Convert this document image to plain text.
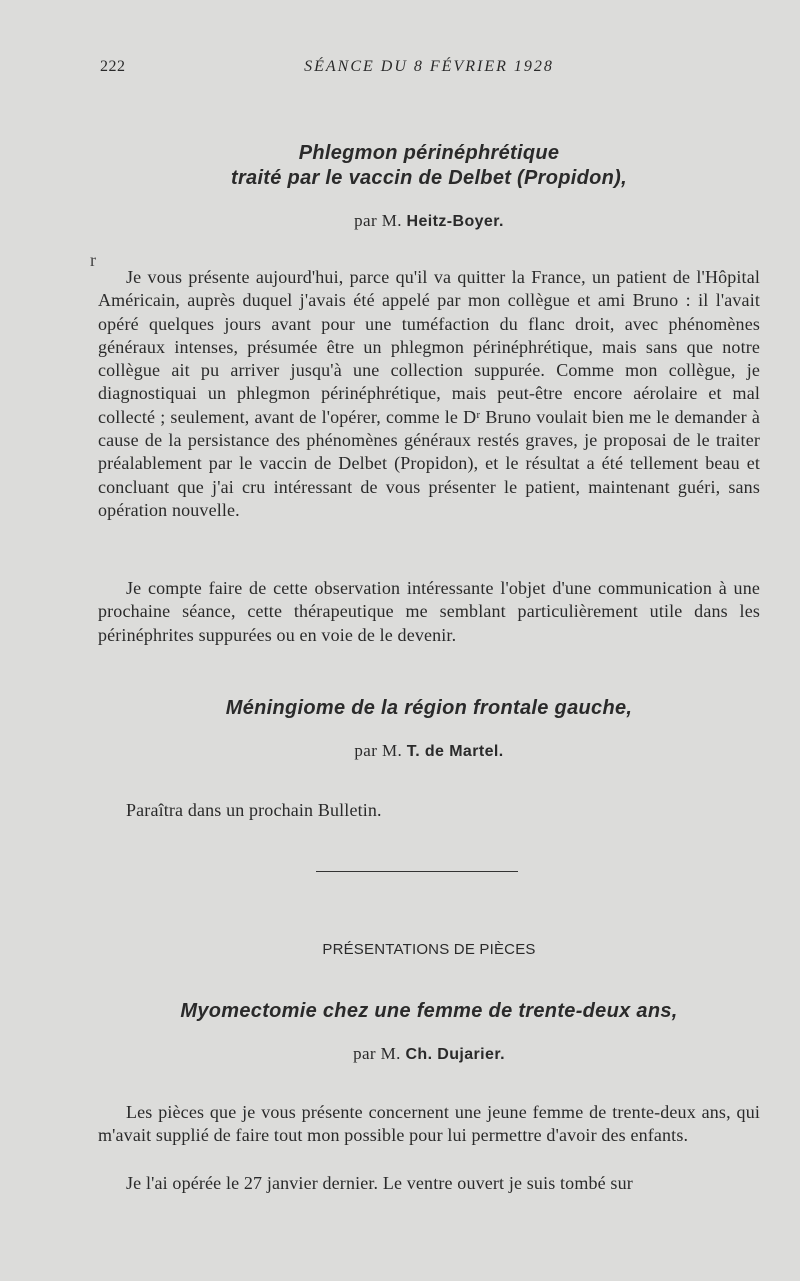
222	SÉANCE DU 8 FÉVRIER 1928
Phlegmon périnéphrétique
traité par le vaccin de Delbet (Propidon),
par M. Heitz-Boyer.
r

Je vous présente aujourd'hui, parce qu'il va quitter la France, un patient de l'Hôpital Américain, auprès duquel j'avais été appelé par mon collègue et ami Bruno : il l'avait opéré quelques jours avant pour une tuméfaction du flanc droit, avec phénomènes généraux intenses, présumée être un phlegmon périnéphrétique, mais sans que notre collègue ait pu arriver jusqu'à une collection suppurée. Comme mon collègue, je diagnostiquai un phlegmon périnéphrétique, mais peut-être encore aérolaire et mal collecté ; seulement, avant de l'opérer, comme le Dʳ Bruno voulait bien me le demander à cause de la persistance des phénomènes généraux restés graves, je proposai de le traiter préalablement par le vaccin de Delbet (Propidon), et le résultat a été tellement beau et concluant que j'ai cru intéressant de vous présenter le patient, maintenant guéri, sans opération nouvelle.

Je compte faire de cette observation intéressante l'objet d'une communication à une prochaine séance, cette thérapeutique me semblant particulièrement utile dans les périnéphrites suppurées ou en voie de le devenir.

Méningiome de la région frontale gauche,
par M. T. de Martel.

Paraîtra dans un prochain Bulletin.

PRÉSENTATIONS DE PIÈCES
Myomectomie chez une femme de trente-deux ans,
par M. Ch. Dujarier.

Les pièces que je vous présente concernent une jeune femme de trente-deux ans, qui m'avait supplié de faire tout mon possible pour lui permettre d'avoir des enfants.

Je l'ai opérée le 27 janvier dernier. Le ventre ouvert je suis tombé sur
